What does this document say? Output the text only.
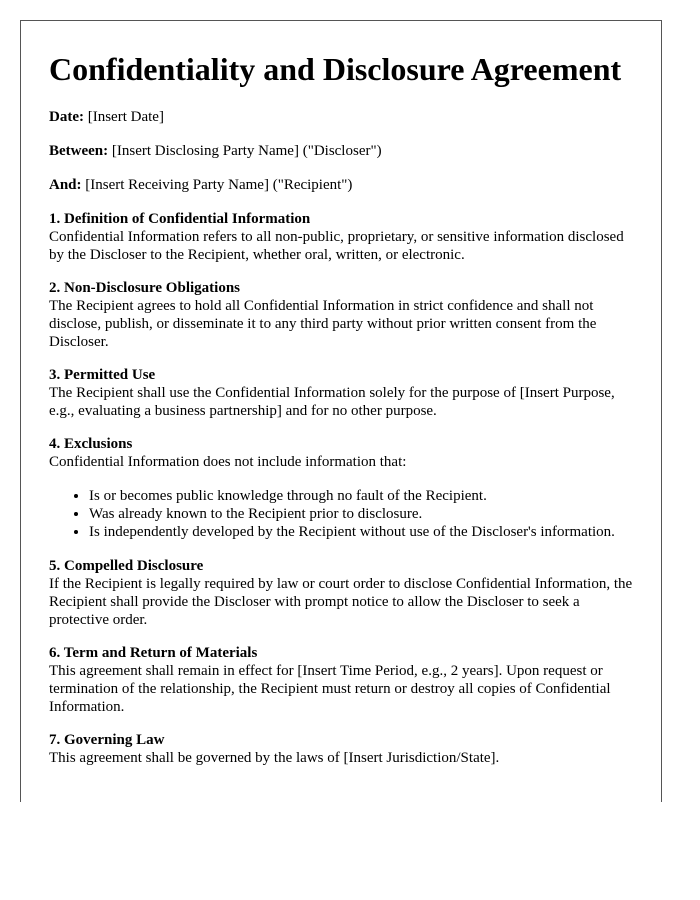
Confidentiality and Disclosure Agreement

Date: [Insert Date]

Between: [Insert Disclosing Party Name] ("Discloser")

And: [Insert Receiving Party Name] ("Recipient")

1. Definition of Confidential Information

Confidential Information refers to all non-public, proprietary, or sensitive information disclosed by the Discloser to the Recipient, whether oral, written, or electronic.

2. Non-Disclosure Obligations

The Recipient agrees to hold all Confidential Information in strict confidence and shall not disclose, publish, or disseminate it to any third party without prior written consent from the Discloser.

3. Permitted Use

The Recipient shall use the Confidential Information solely for the purpose of [Insert Purpose, e.g., evaluating a business partnership] and for no other purpose.

4. Exclusions

Confidential Information does not include information that:

• Is or becomes public knowledge through no fault of the Recipient.
• Was already known to the Recipient prior to disclosure.
• Is independently developed by the Recipient without use of the Discloser's information.
5. Compelled Disclosure

If the Recipient is legally required by law or court order to disclose Confidential Information, the Recipient shall provide the Discloser with prompt notice to allow the Discloser to seek a protective order.

6. Term and Return of Materials

This agreement shall remain in effect for [Insert Time Period, e.g., 2 years]. Upon request or termination of the relationship, the Recipient must return or destroy all copies of Confidential Information.

7. Governing Law

This agreement shall be governed by the laws of [Insert Jurisdiction/State].
